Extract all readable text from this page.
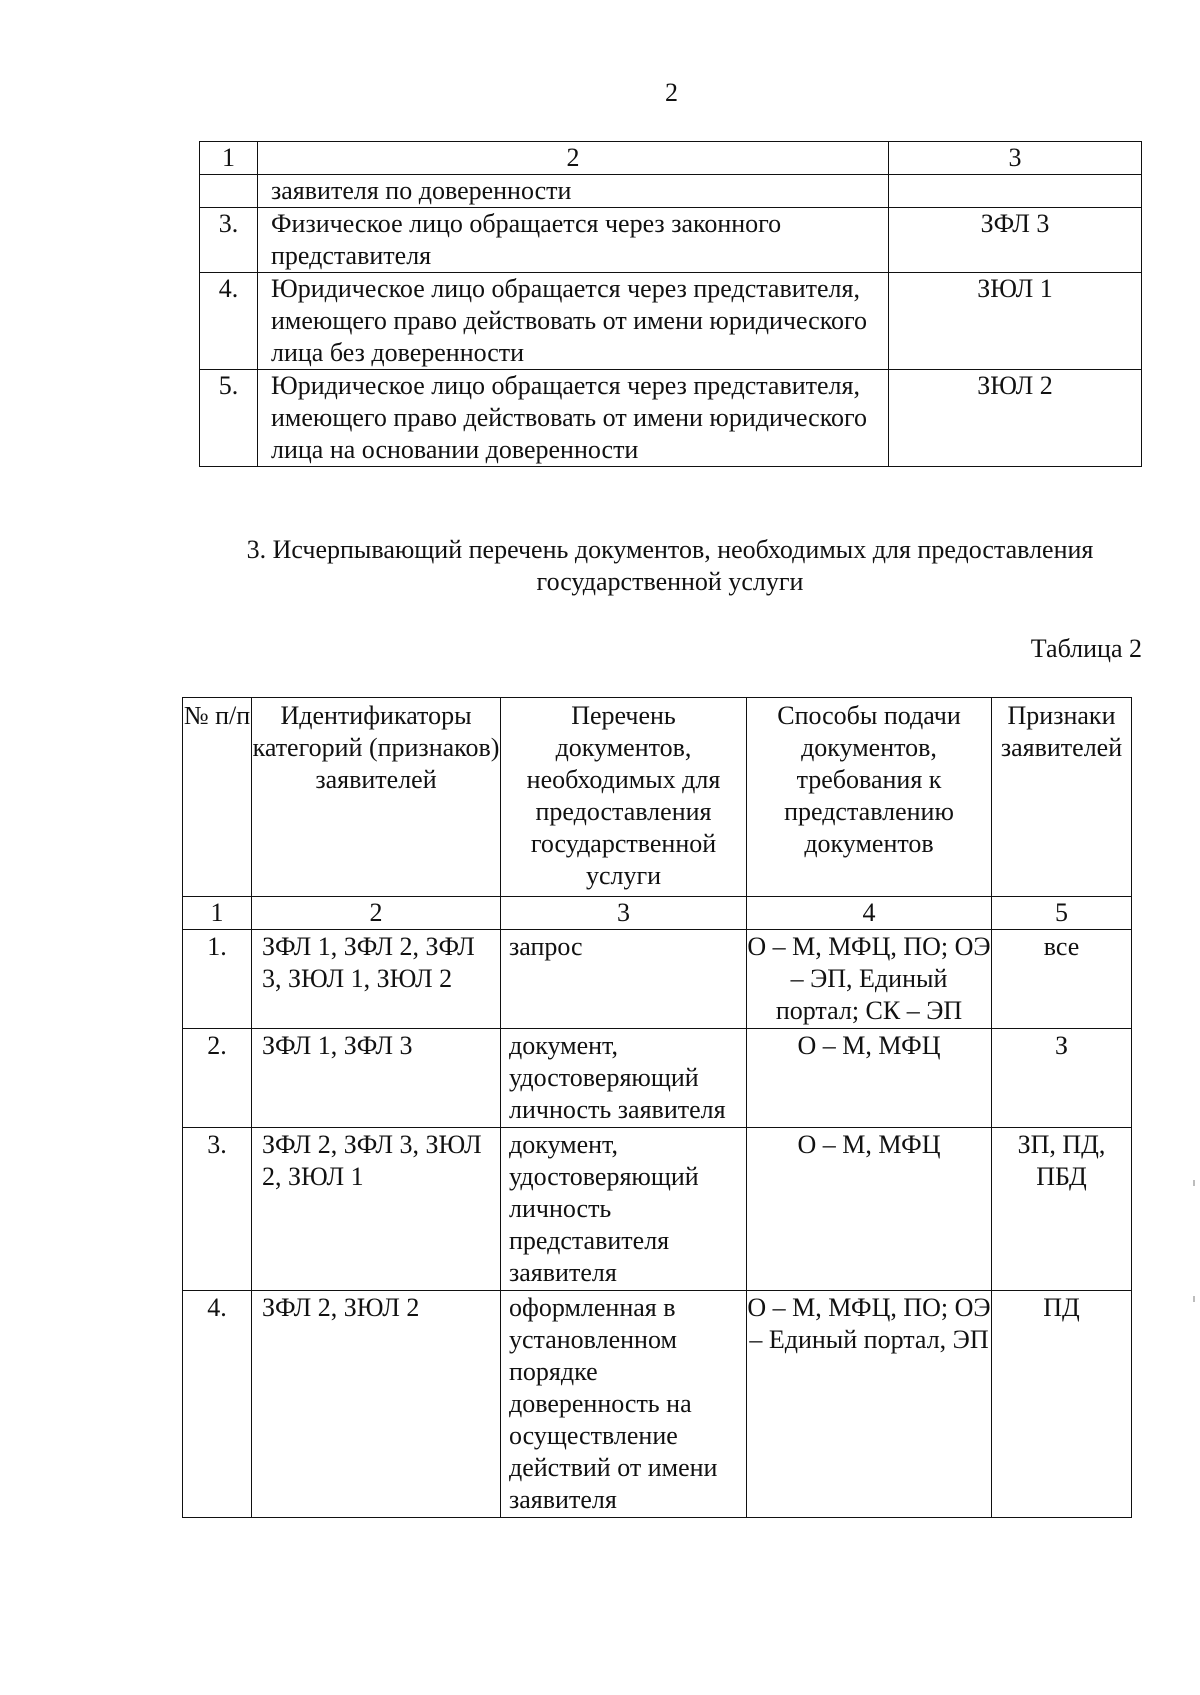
2
1	2	3
	заявителя по доверенности	
3.	Физическое лицо обращается через законного представителя	ЗФЛ 3
4.	Юридическое лицо обращается через представителя, имеющего право действовать от имени юридического лица без доверенности	ЗЮЛ 1
5.	Юридическое лицо обращается через представителя, имеющего право действовать от имени юридического лица на основании доверенности	ЗЮЛ 2
3. Исчерпывающий перечень документов, необходимых для предоставления государственной услуги
Таблица 2
№ п/п	Идентификаторы категорий (признаков) заявителей	Перечень документов, необходимых для предоставления государственной услуги	Способы подачи документов, требования к представлению документов	Признаки заявителей
1	2	3	4	5
1.	ЗФЛ 1, ЗФЛ 2, ЗФЛ 3, ЗЮЛ 1, ЗЮЛ 2	запрос	О – М, МФЦ, ПО; ОЭ – ЭП, Единый портал; СК – ЭП	все
2.	ЗФЛ 1, ЗФЛ 3	документ, удостоверяющий личность заявителя	О – М, МФЦ	З
3.	ЗФЛ 2, ЗФЛ 3, ЗЮЛ 2, ЗЮЛ 1	документ, удостоверяющий личность представителя заявителя	О – М, МФЦ	ЗП, ПД, ПБД
4.	ЗФЛ 2, ЗЮЛ 2	оформленная в установленном порядке доверенность на осуществление действий от имени заявителя	О – М, МФЦ, ПО; ОЭ – Единый портал, ЭП	ПД
